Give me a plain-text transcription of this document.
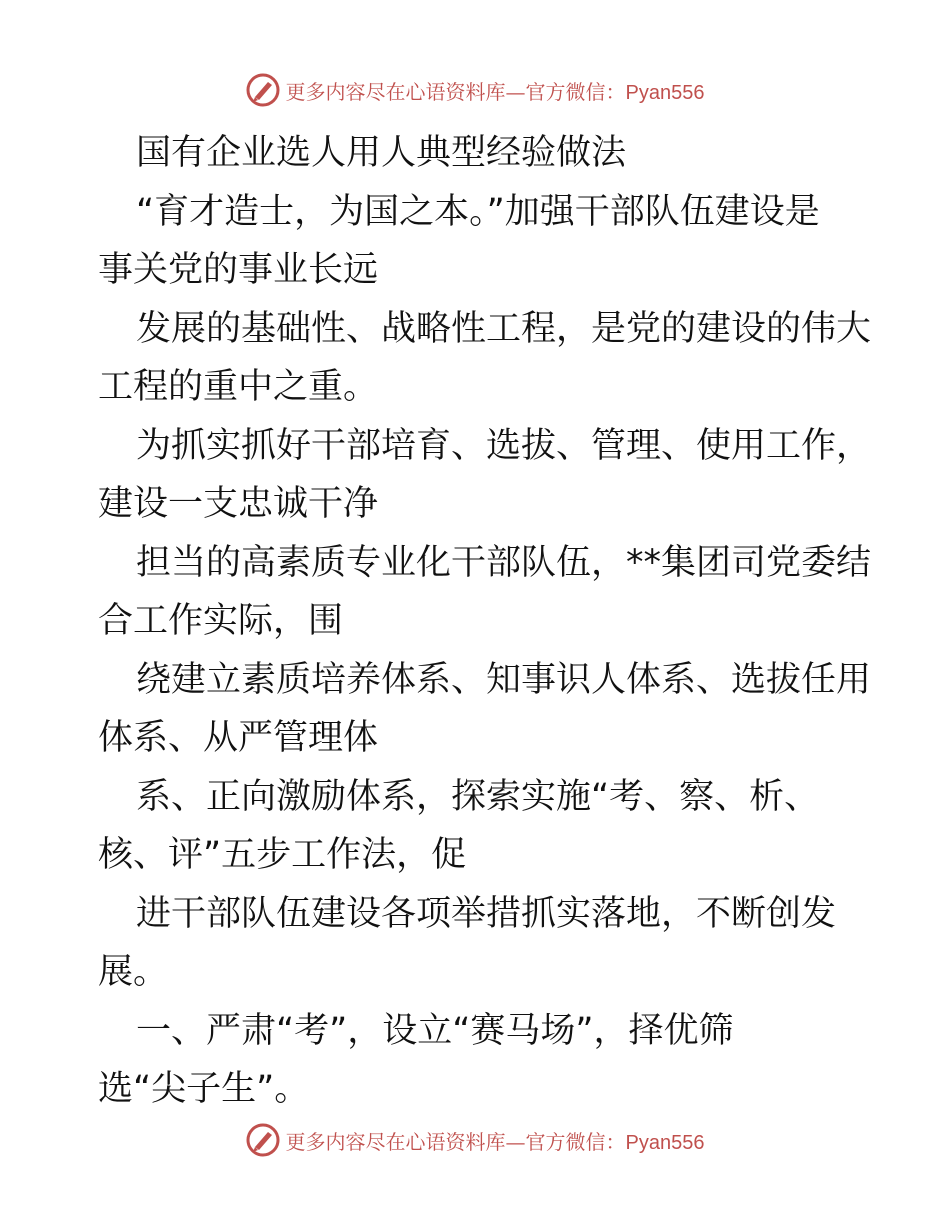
更多内容尽在心语资料库—官方微信：Pyan556
国有企业选人用人典型经验做法
“育才造士，为国之本。”加强干部队伍建设是
事关党的事业长远
发展的基础性、战略性工程，是党的建设的伟大
工程的重中之重。
为抓实抓好干部培育、选拔、管理、使用工作，
建设一支忠诚干净
担当的高素质专业化干部队伍，**集团司党委结
合工作实际，围
绕建立素质培养体系、知事识人体系、选拔任用
体系、从严管理体
系、正向激励体系，探索实施“考、察、析、
核、评”五步工作法，促
进干部队伍建设各项举措抓实落地，不断创发
展。
一、严肃“考”，设立“赛马场”，择优筛
选“尖子生”。
更多内容尽在心语资料库—官方微信：Pyan556
